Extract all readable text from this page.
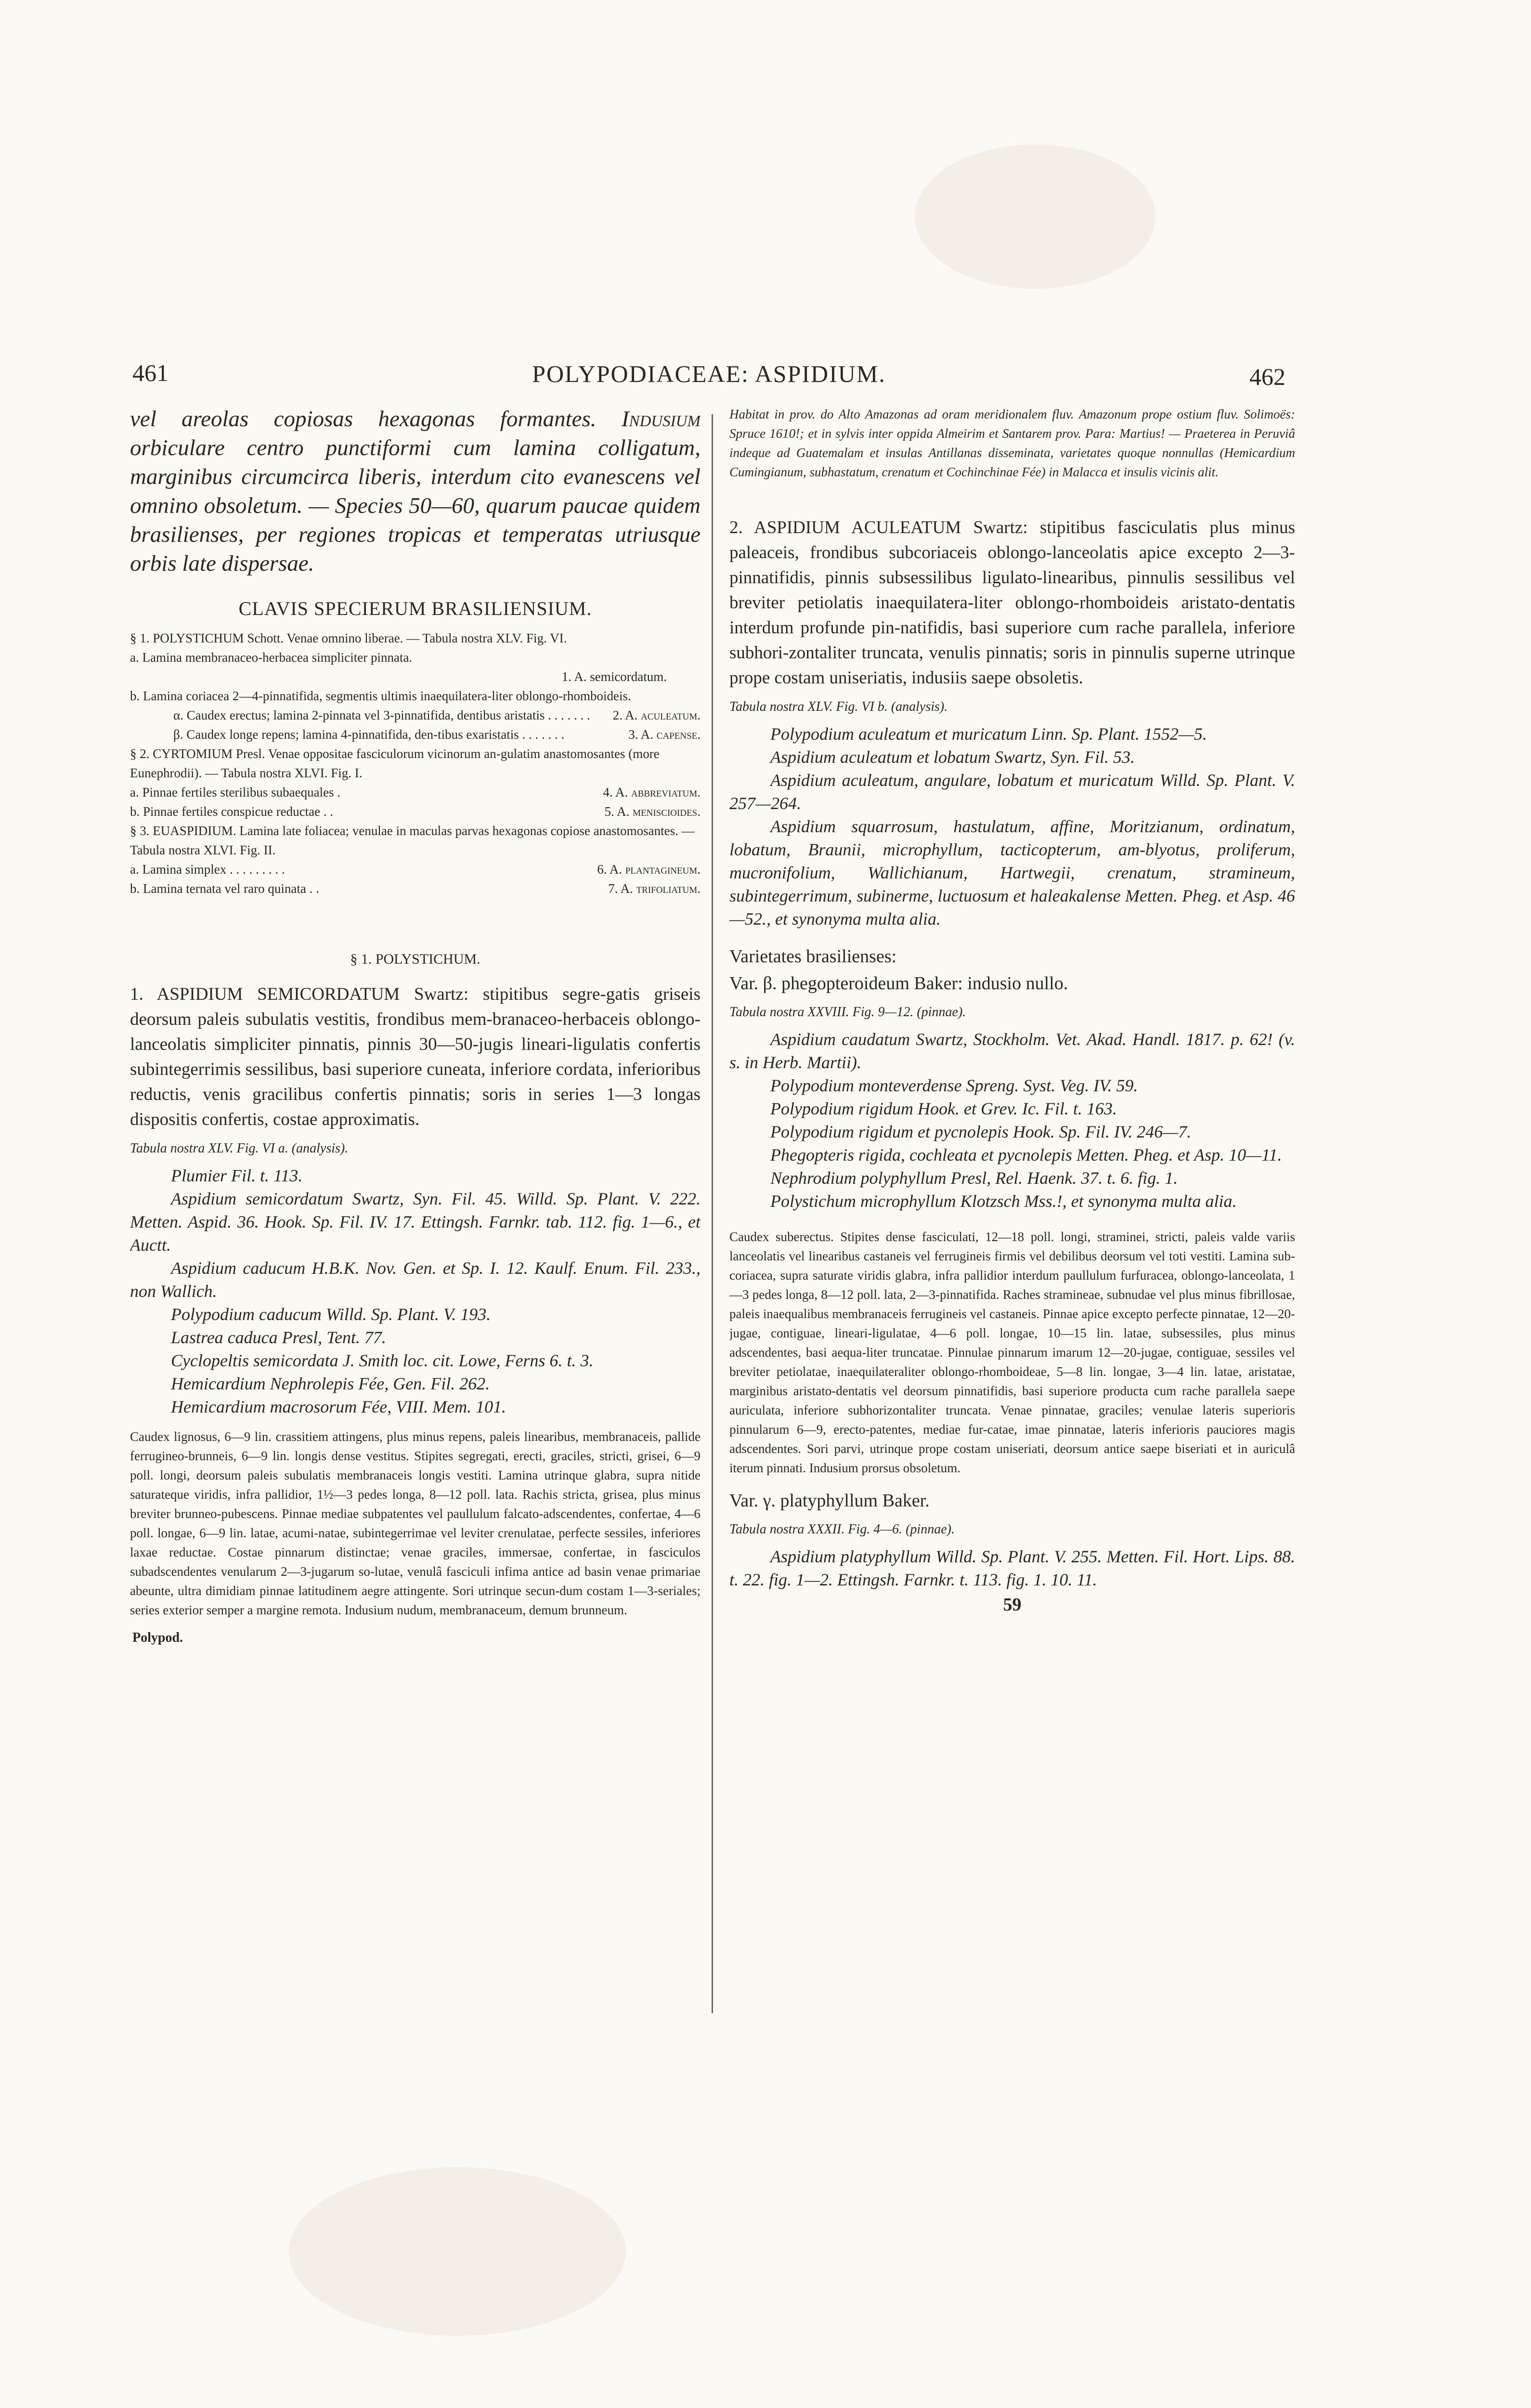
461	POLYPODIACEAE: ASPIDIUM.	462

vel areolas copiosas hexagonas formantes. Indusium orbiculare centro punctiformi cum lamina colligatum, marginibus circumcirca liberis, interdum cito evanescens vel omnino obsoletum. — Species 50—60, quarum paucae quidem brasilienses, per regiones tropicas et temperatas utriusque orbis late dispersae.

CLAVIS SPECIERUM BRASILIENSIUM.
§ 1. POLYSTICHUM Schott. Venae omnino liberae. — Tabula nostra XLV. Fig. VI.
a. Lamina membranaceo-herbacea simpliciter pinnata.
1. A. semicordatum.
b. Lamina coriacea 2—4-pinnatifida, segmentis ultimis inaequilatera-liter oblongo-rhomboideis.
α. Caudex erectus; lamina 2-pinnata vel 3-pinnatifida, dentibus aristatis . . . . . . .	2. A. aculeatum.
β. Caudex longe repens; lamina 4-pinnatifida, den-tibus exaristatis . . . . . . .	3. A. capense.
§ 2. CYRTOMIUM Presl. Venae oppositae fasciculorum vicinorum an-gulatim anastomosantes (more Eunephrodii). — Tabula nostra XLVI. Fig. I.
a. Pinnae fertiles sterilibus subaequales .	4. A. abbreviatum.
b. Pinnae fertiles conspicue reductae . .	5. A. meniscioides.
§ 3. EUASPIDIUM. Lamina late foliacea; venulae in maculas parvas hexagonas copiose anastomosantes. — Tabula nostra XLVI. Fig. II.
a. Lamina simplex . . . . . . . . .	6. A. plantagineum.
b. Lamina ternata vel raro quinata . .	7. A. trifoliatum.
§ 1. POLYSTICHUM.

1. ASPIDIUM SEMICORDATUM Swartz: stipitibus segre-gatis griseis deorsum paleis subulatis vestitis, frondibus mem-branaceo-herbaceis oblongo-lanceolatis simpliciter pinnatis, pinnis 30—50-jugis lineari-ligulatis confertis subintegerrimis sessilibus, basi superiore cuneata, inferiore cordata, inferioribus reductis, venis gracilibus confertis pinnatis; soris in series 1—3 longas dispositis confertis, costae approximatis.

Tabula nostra XLV. Fig. VI a. (analysis).

Plumier Fil. t. 113.

Aspidium semicordatum Swartz, Syn. Fil. 45. Willd. Sp. Plant. V. 222. Metten. Aspid. 36. Hook. Sp. Fil. IV. 17. Ettingsh. Farnkr. tab. 112. fig. 1—6., et Auctt.

Aspidium caducum H.B.K. Nov. Gen. et Sp. I. 12. Kaulf. Enum. Fil. 233., non Wallich.

Polypodium caducum Willd. Sp. Plant. V. 193.

Lastrea caduca Presl, Tent. 77.

Cyclopeltis semicordata J. Smith loc. cit. Lowe, Ferns 6. t. 3.

Hemicardium Nephrolepis Fée, Gen. Fil. 262.

Hemicardium macrosorum Fée, VIII. Mem. 101.

Caudex lignosus, 6—9 lin. crassitiem attingens, plus minus repens, paleis linearibus, membranaceis, pallide ferrugineo-brunneis, 6—9 lin. longis dense vestitus. Stipites segregati, erecti, graciles, stricti, grisei, 6—9 poll. longi, deorsum paleis subulatis membranaceis longis vestiti. Lamina utrinque glabra, supra nitide saturateque viridis, infra pallidior, 1½—3 pedes longa, 8—12 poll. lata. Rachis stricta, grisea, plus minus breviter brunneo-pubescens. Pinnae mediae subpatentes vel paullulum falcato-adscendentes, confertae, 4—6 poll. longae, 6—9 lin. latae, acumi-natae, subintegerrimae vel leviter crenulatae, perfecte sessiles, inferiores laxae reductae. Costae pinnarum distinctae; venae graciles, immersae, confertae, in fasciculos subadscendentes venularum 2—3-jugarum so-lutae, venulâ fasciculi infima antice ad basin venae primariae abeunte, ultra dimidiam pinnae latitudinem aegre attingente. Sori utrinque secun-dum costam 1—3-seriales; series exterior semper a margine remota. Indusium nudum, membranaceum, demum brunneum.

Polypod.

Habitat in prov. do Alto Amazonas ad oram meridionalem fluv. Amazonum prope ostium fluv. Solimoës: Spruce 1610!; et in sylvis inter oppida Almeirim et Santarem prov. Para: Martius! — Praeterea in Peruviâ indeque ad Guatemalam et insulas Antillanas disseminata, varietates quoque nonnullas (Hemicardium Cumingianum, subhastatum, crenatum et Cochinchinae Fée) in Malacca et insulis vicinis alit.

2. ASPIDIUM ACULEATUM Swartz: stipitibus fasciculatis plus minus paleaceis, frondibus subcoriaceis oblongo-lanceolatis apice excepto 2—3-pinnatifidis, pinnis subsessilibus ligulato-linearibus, pinnulis sessilibus vel breviter petiolatis inaequilatera-liter oblongo-rhomboideis aristato-dentatis interdum profunde pin-natifidis, basi superiore cum rache parallela, inferiore subhori-zontaliter truncata, venulis pinnatis; soris in pinnulis superne utrinque prope costam uniseriatis, indusiis saepe obsoletis.

Tabula nostra XLV. Fig. VI b. (analysis).

Polypodium aculeatum et muricatum Linn. Sp. Plant. 1552—5.

Aspidium aculeatum et lobatum Swartz, Syn. Fil. 53.

Aspidium aculeatum, angulare, lobatum et muricatum Willd. Sp. Plant. V. 257—264.

Aspidium squarrosum, hastulatum, affine, Moritzianum, ordinatum, lobatum, Braunii, microphyllum, tacticopterum, am-blyotus, proliferum, mucronifolium, Wallichianum, Hartwegii, crenatum, stramineum, subintegerrimum, subinerme, luctuosum et haleakalense Metten. Pheg. et Asp. 46—52., et synonyma multa alia.

Varietates brasilienses:
Var. β. phegopteroideum Baker: indusio nullo.

Tabula nostra XXVIII. Fig. 9—12. (pinnae).

Aspidium caudatum Swartz, Stockholm. Vet. Akad. Handl. 1817. p. 62! (v. s. in Herb. Martii).

Polypodium monteverdense Spreng. Syst. Veg. IV. 59.

Polypodium rigidum Hook. et Grev. Ic. Fil. t. 163.

Polypodium rigidum et pycnolepis Hook. Sp. Fil. IV. 246—7.

Phegopteris rigida, cochleata et pycnolepis Metten. Pheg. et Asp. 10—11.

Nephrodium polyphyllum Presl, Rel. Haenk. 37. t. 6. fig. 1.

Polystichum microphyllum Klotzsch Mss.!, et synonyma multa alia.

Caudex suberectus. Stipites dense fasciculati, 12—18 poll. longi, straminei, stricti, paleis valde variis lanceolatis vel linearibus castaneis vel ferrugineis firmis vel debilibus deorsum vel toti vestiti. Lamina sub-coriacea, supra saturate viridis glabra, infra pallidior interdum paullulum furfuracea, oblongo-lanceolata, 1—3 pedes longa, 8—12 poll. lata, 2—3-pinnatifida. Raches stramineae, subnudae vel plus minus fibrillosae, paleis inaequalibus membranaceis ferrugineis vel castaneis. Pinnae apice excepto perfecte pinnatae, 12—20-jugae, contiguae, lineari-ligulatae, 4—6 poll. longae, 10—15 lin. latae, subsessiles, plus minus adscendentes, basi aequa-liter truncatae. Pinnulae pinnarum imarum 12—20-jugae, contiguae, sessiles vel breviter petiolatae, inaequilateraliter oblongo-rhomboideae, 5—8 lin. longae, 3—4 lin. latae, aristatae, marginibus aristato-dentatis vel deorsum pinnatifidis, basi superiore producta cum rache parallela saepe auriculata, inferiore subhorizontaliter truncata. Venae pinnatae, graciles; venulae lateris superioris pinnularum 6—9, erecto-patentes, mediae fur-catae, imae pinnatae, lateris inferioris pauciores magis adscendentes. Sori parvi, utrinque prope costam uniseriati, deorsum antice saepe biseriati et in auriculâ iterum pinnati. Indusium prorsus obsoletum.

Var. γ. platyphyllum Baker.

Tabula nostra XXXII. Fig. 4—6. (pinnae).

Aspidium platyphyllum Willd. Sp. Plant. V. 255. Metten. Fil. Hort. Lips. 88. t. 22. fig. 1—2. Ettingsh. Farnkr. t. 113. fig. 1. 10. 11.

59
